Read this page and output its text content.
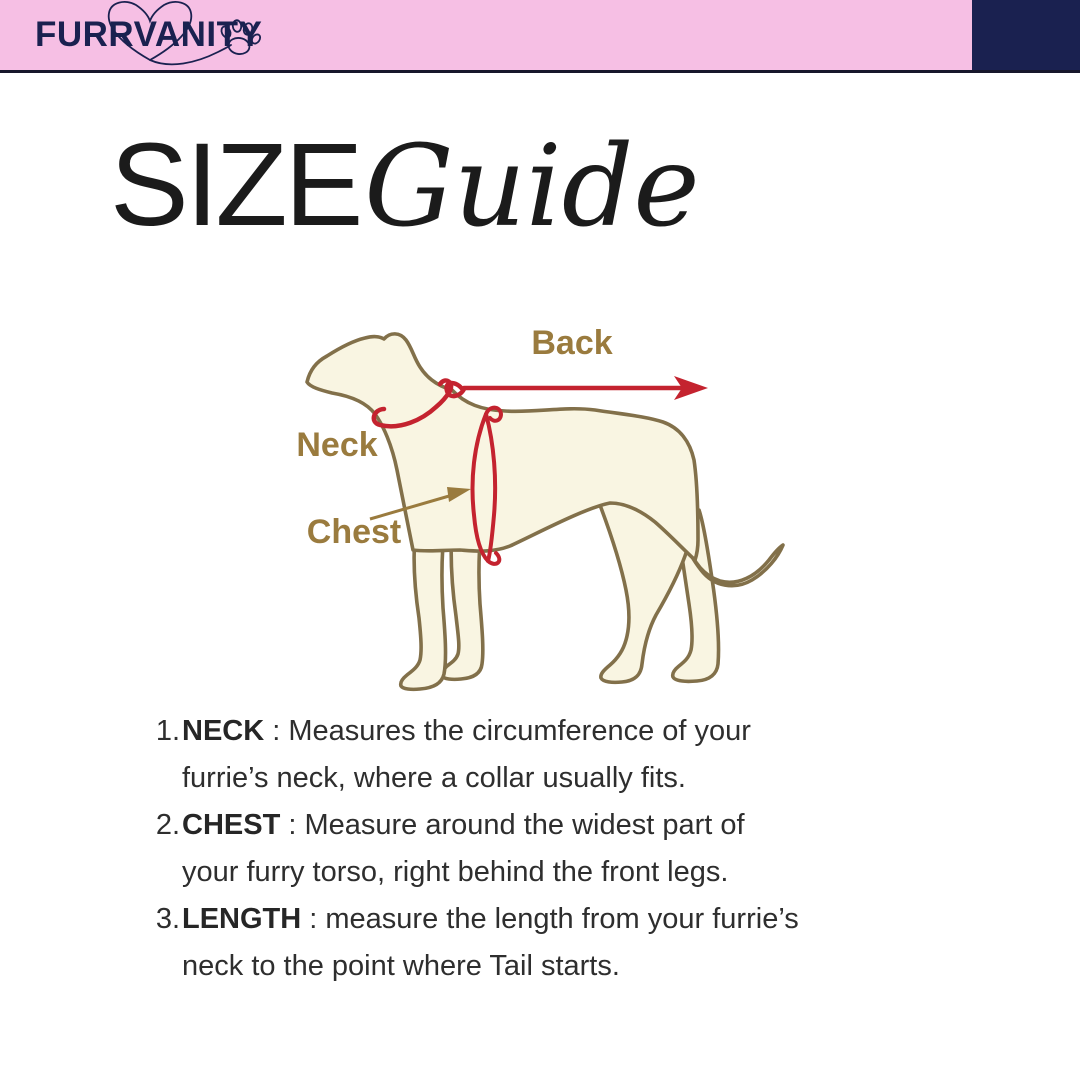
FURRVANITY
SIZE Guide
Back
Neck
Chest
1. NECK : Measures the circumference of your
furrie’s neck, where a collar usually fits.
2. CHEST : Measure around the widest part of
your furry torso, right behind the front legs.
3. LENGTH : measure the length from your furrie’s
neck to the point where Tail starts.
